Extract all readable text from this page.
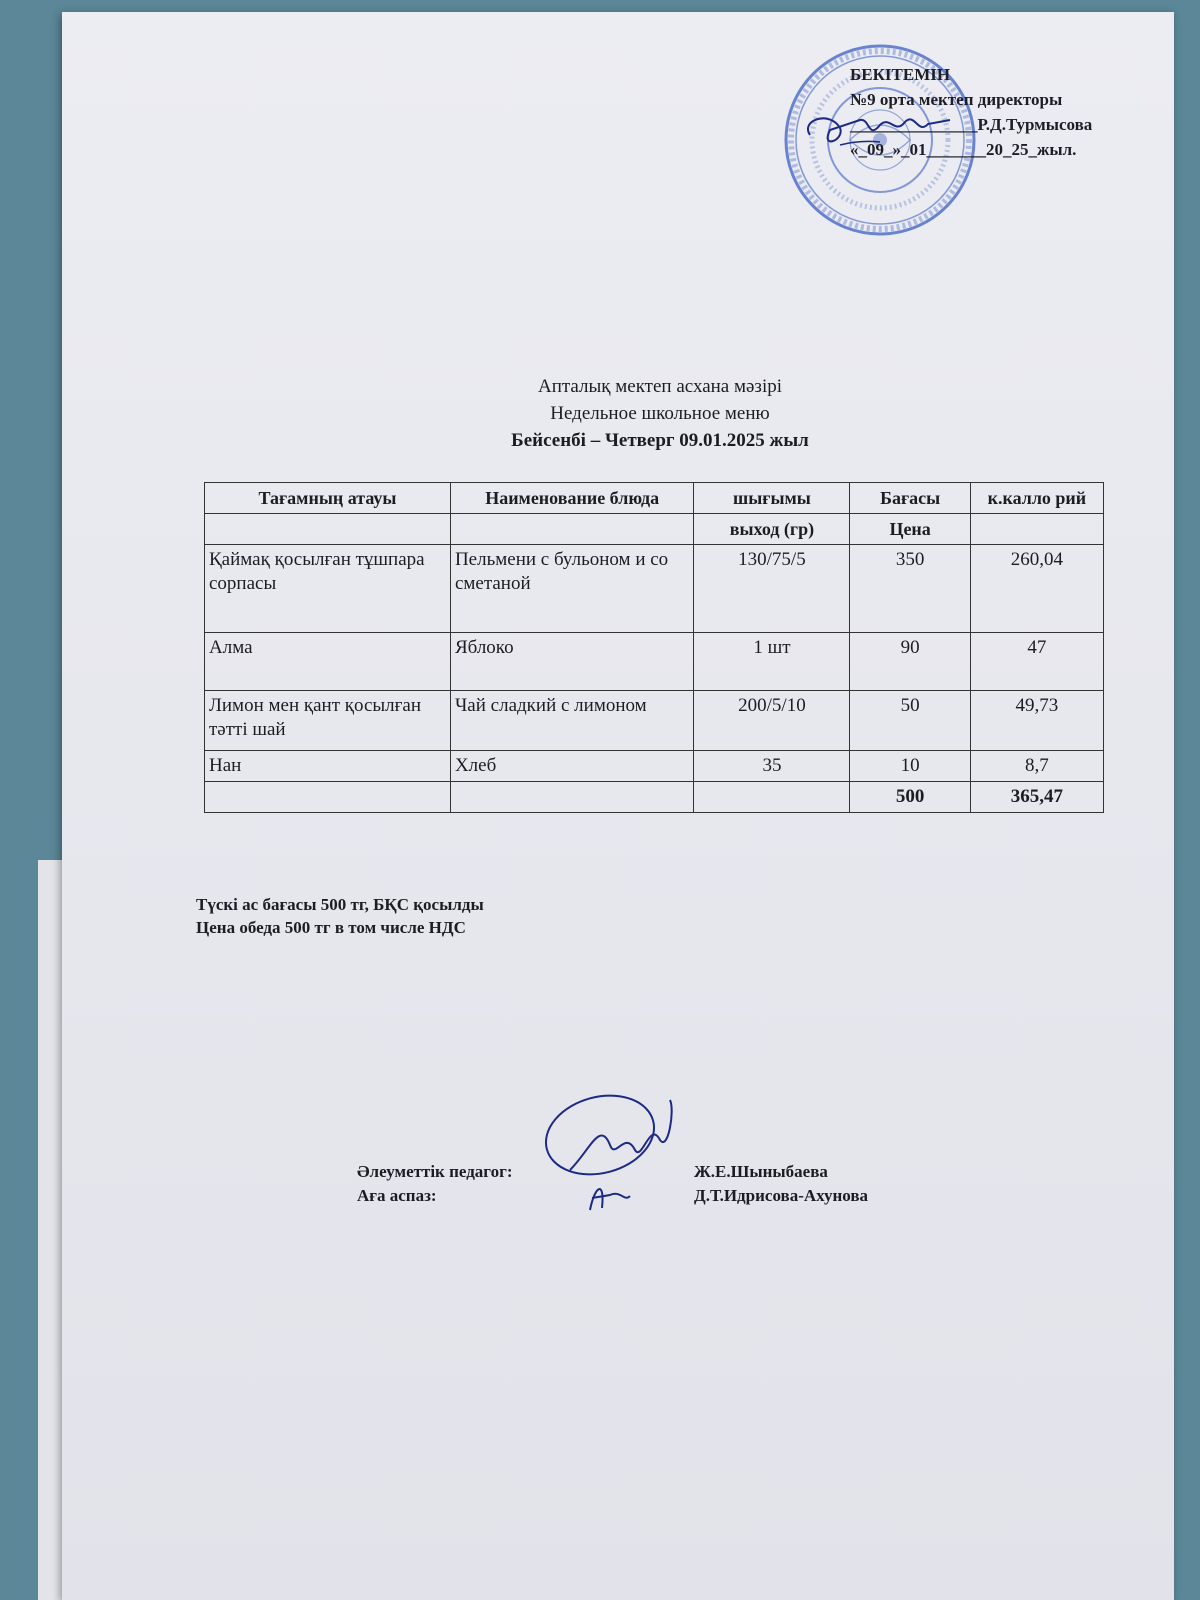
БЕКІТЕМІН
№9 орта мектеп директоры
_______________Р.Д.Турмысова
«_09_»_01_______20_25_жыл.
Апталық мектеп асхана мәзірі
Недельное школьное меню
Бейсенбі – Четверг 09.01.2025 жыл
Тағамның атауы	Наименование блюда	шығымы	Бағасы	к.калло рий
		выход (гр)	Цена	
Қаймақ қосылған тұшпара сорпасы	Пельмени с бульоном и со сметаной	130/75/5	350	260,04
Алма	Яблоко	1 шт	90	47
Лимон мен қант қосылған тәтті шай	Чай сладкий с лимоном	200/5/10	50	49,73
Нан	Хлеб	35	10	8,7
			500	365,47
Түскі ас бағасы 500 тг, БҚС қосылды
Цена обеда 500 тг в том числе НДС
Әлеуметтік педагог:
Аға аспаз:
Ж.Е.Шыныбаева
Д.Т.Идрисова-Ахунова
